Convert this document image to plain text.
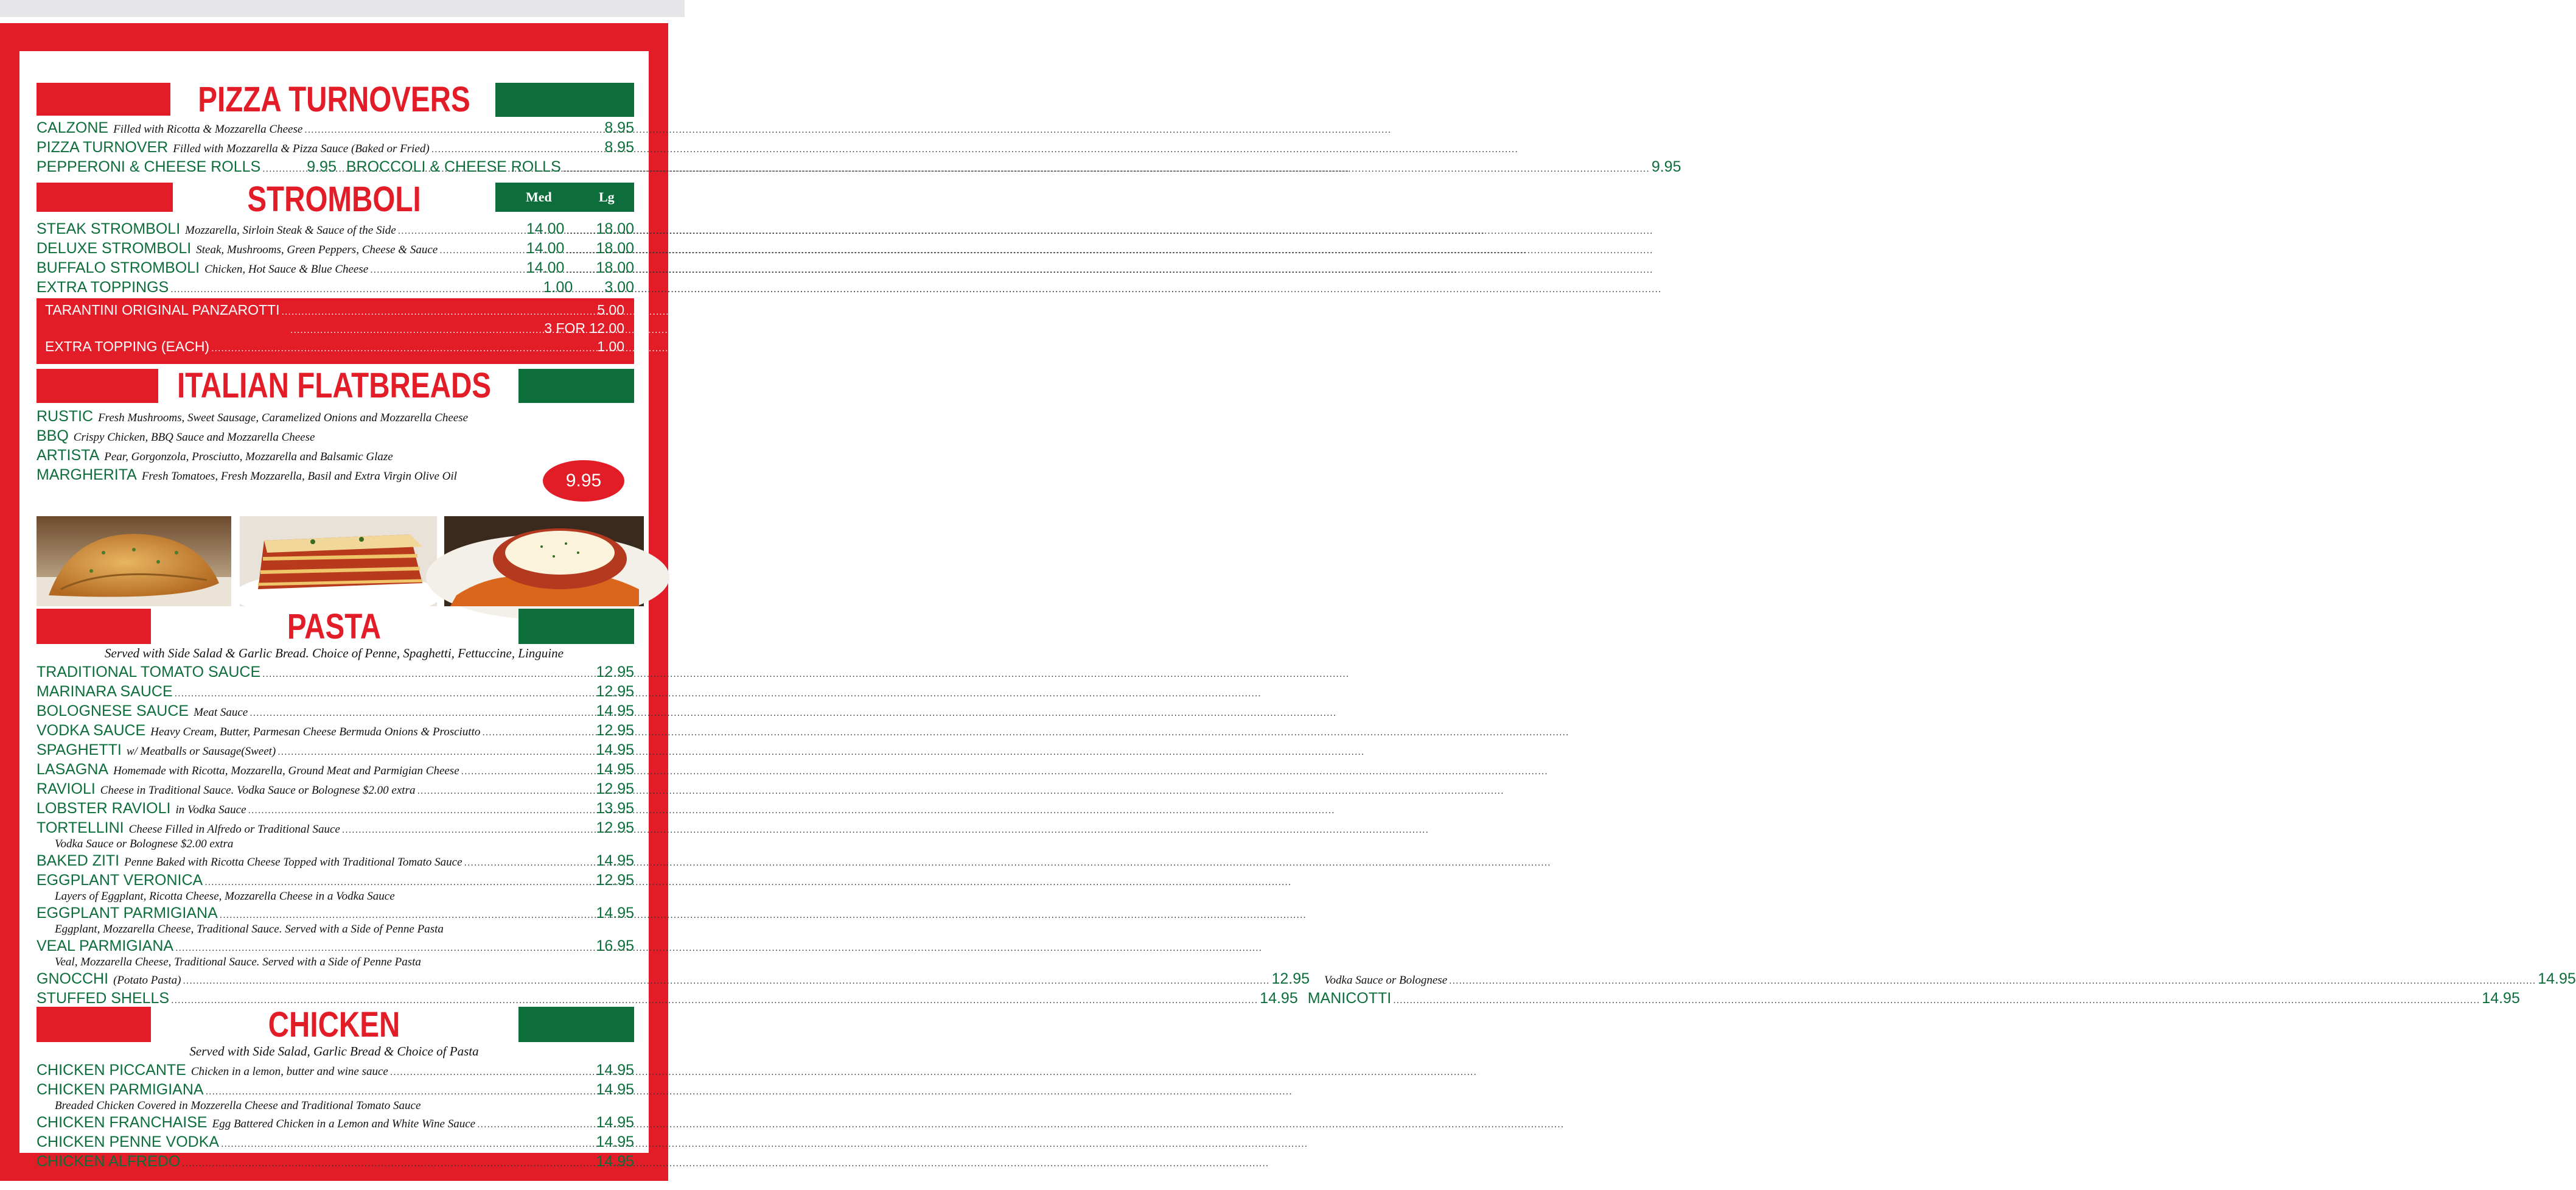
PIZZA TURNOVERS
CALZONE Filled with Ricotta & Mozzarella Cheese .....	8.95
PIZZA TURNOVER Filled with Mozzarella & Pizza Sauce (Baked or Fried) .....	8.95
PEPPERONI & CHEESE ROLLS .....	9.95 BROCCOLI & CHEESE ROLLS .....	9.95
Med	Lg
STROMBOLI
STEAK STROMBOLI Mozzarella, Sirloin Steak & Sauce of the Side .....	14.00 ..... 18.00
DELUXE STROMBOLI Steak, Mushrooms, Green Peppers, Cheese & Sauce .....	14.00 ..... 18.00
BUFFALO STROMBOLI Chicken, Hot Sauce & Blue Cheese .....	14.00 ..... 18.00
EXTRA TOPPINGS .....	1.00 ..... 3.00
TARANTINI ORIGINAL PANZAROTTI .....	5.00
.....
3 FOR 12.00
EXTRA TOPPING (EACH) .....	1.00
ITALIAN FLATBREADS
RUSTIC Fresh Mushrooms, Sweet Sausage, Caramelized Onions and Mozzarella Cheese
BBQ Crispy Chicken, BBQ Sauce and Mozzarella Cheese
ARTISTA Pear, Gorgonzola, Prosciutto, Mozzarella and Balsamic Glaze
MARGHERITA Fresh Tomatoes, Fresh Mozzarella, Basil and Extra Virgin Olive Oil	9.95
PASTA
Served with Side Salad & Garlic Bread. Choice of Penne, Spaghetti, Fettuccine, Linguine
TRADITIONAL TOMATO SAUCE .....	12.95
MARINARA SAUCE .....	12.95
BOLOGNESE SAUCE Meat Sauce .....	14.95
VODKA SAUCE Heavy Cream, Butter, Parmesan Cheese Bermuda Onions & Prosciutto .....	12.95
SPAGHETTI w/ Meatballs or Sausage(Sweet) .....	14.95
LASAGNA Homemade with Ricotta, Mozzarella, Ground Meat and Parmigian Cheese .....	14.95
RAVIOLI Cheese in Traditional Sauce. Vodka Sauce or Bolognese $2.00 extra .....	12.95
LOBSTER RAVIOLI in Vodka Sauce .....	13.95
TORTELLINI Cheese Filled in Alfredo or Traditional Sauce .....	12.95
Vodka Sauce or Bolognese $2.00 extra
BAKED ZITI Penne Baked with Ricotta Cheese Topped with Traditional Tomato Sauce .....	14.95
EGGPLANT VERONICA .....	12.95
Layers of Eggplant, Ricotta Cheese, Mozzarella Cheese in a Vodka Sauce
EGGPLANT PARMIGIANA .....	14.95
Eggplant, Mozzarella Cheese, Traditional Sauce. Served with a Side of Penne Pasta
VEAL PARMIGIANA .....	16.95
Veal, Mozzarella Cheese, Traditional Sauce. Served with a Side of Penne Pasta
GNOCCHI (Potato Pasta) .....	12.95 Vodka Sauce or Bolognese .....	14.95
STUFFED SHELLS .....	14.95 MANICOTTI .....	14.95
CHICKEN
Served with Side Salad, Garlic Bread & Choice of Pasta
CHICKEN PICCANTE Chicken in a lemon, butter and wine sauce .....	14.95
CHICKEN PARMIGIANA .....	14.95
Breaded Chicken Covered in Mozzerella Cheese and Traditional Tomato Sauce
CHICKEN FRANCHAISE Egg Battered Chicken in a Lemon and White Wine Sauce .....	14.95
CHICKEN PENNE VODKA .....	14.95
CHICKEN ALFREDO .....	14.95
